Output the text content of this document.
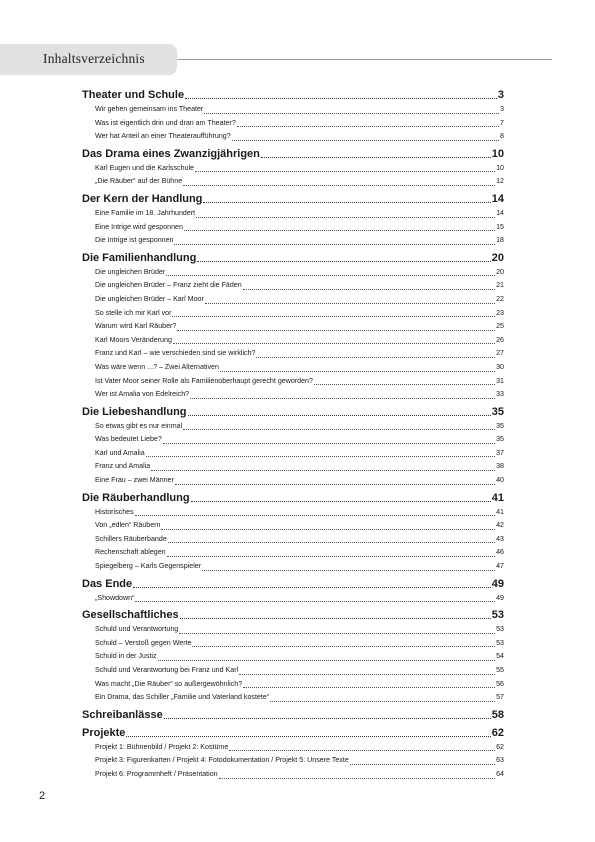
Inhaltsverzeichnis
Theater und Schule	3
Wir gehen gemeinsam ins Theater	3
Was ist eigentlich drin und dran am Theater?	7
Wer hat Anteil an einer Theateraufführung?	8
Das Drama eines Zwanzigjährigen	10
Karl Eugen und die Karlsschule	10
„Die Räuber“ auf der Bühne	12
Der Kern der Handlung	14
Eine Familie im 18. Jahrhundert	14
Eine Intrige wird gesponnen	15
Die Intrige ist gesponnen	18
Die Familienhandlung	20
Die ungleichen Brüder	20
Die ungleichen Brüder – Franz zieht die Fäden	21
Die ungleichen Brüder – Karl Moor	22
So stelle ich mir Karl vor	23
Warum wird Karl Räuber?	25
Karl Moors Veränderung	26
Franz und Karl – wie verschieden sind sie wirklich?	27
Was wäre wenn ...? – Zwei Alternativen	30
Ist Vater Moor seiner Rolle als Familienoberhaupt gerecht geworden?	31
Wer ist Amalia von Edelreich?	33
Die Liebeshandlung	35
So etwas gibt es nur einmal	35
Was bedeutet Liebe?	35
Karl und Amalia	37
Franz und Amalia	38
Eine Frau – zwei Männer	40
Die Räuberhandlung	41
Historisches	41
Von „edlen“ Räubern	42
Schillers Räuberbande	43
Rechenschaft ablegen	46
Spiegelberg – Karls Gegenspieler	47
Das Ende	49
„Showdown“	49
Gesellschaftliches	53
Schuld und Verantwortung	53
Schuld – Verstoß gegen Werte	53
Schuld in der Justiz	54
Schuld und Verantwortung bei Franz und Karl	55
Was macht „Die Räuber“ so außergewöhnlich?	56
Ein Drama, das Schiller „Familie und Vaterland kostete“	57
Schreibanlässe	58
Projekte	62
Projekt 1: Bühnenbild / Projekt 2: Kostüme	62
Projekt 3: Figurenkarten / Projekt 4: Fotodokumentation / Projekt 5: Unsere Texte	63
Projekt 6: Programmheft / Präsentation	64
2
